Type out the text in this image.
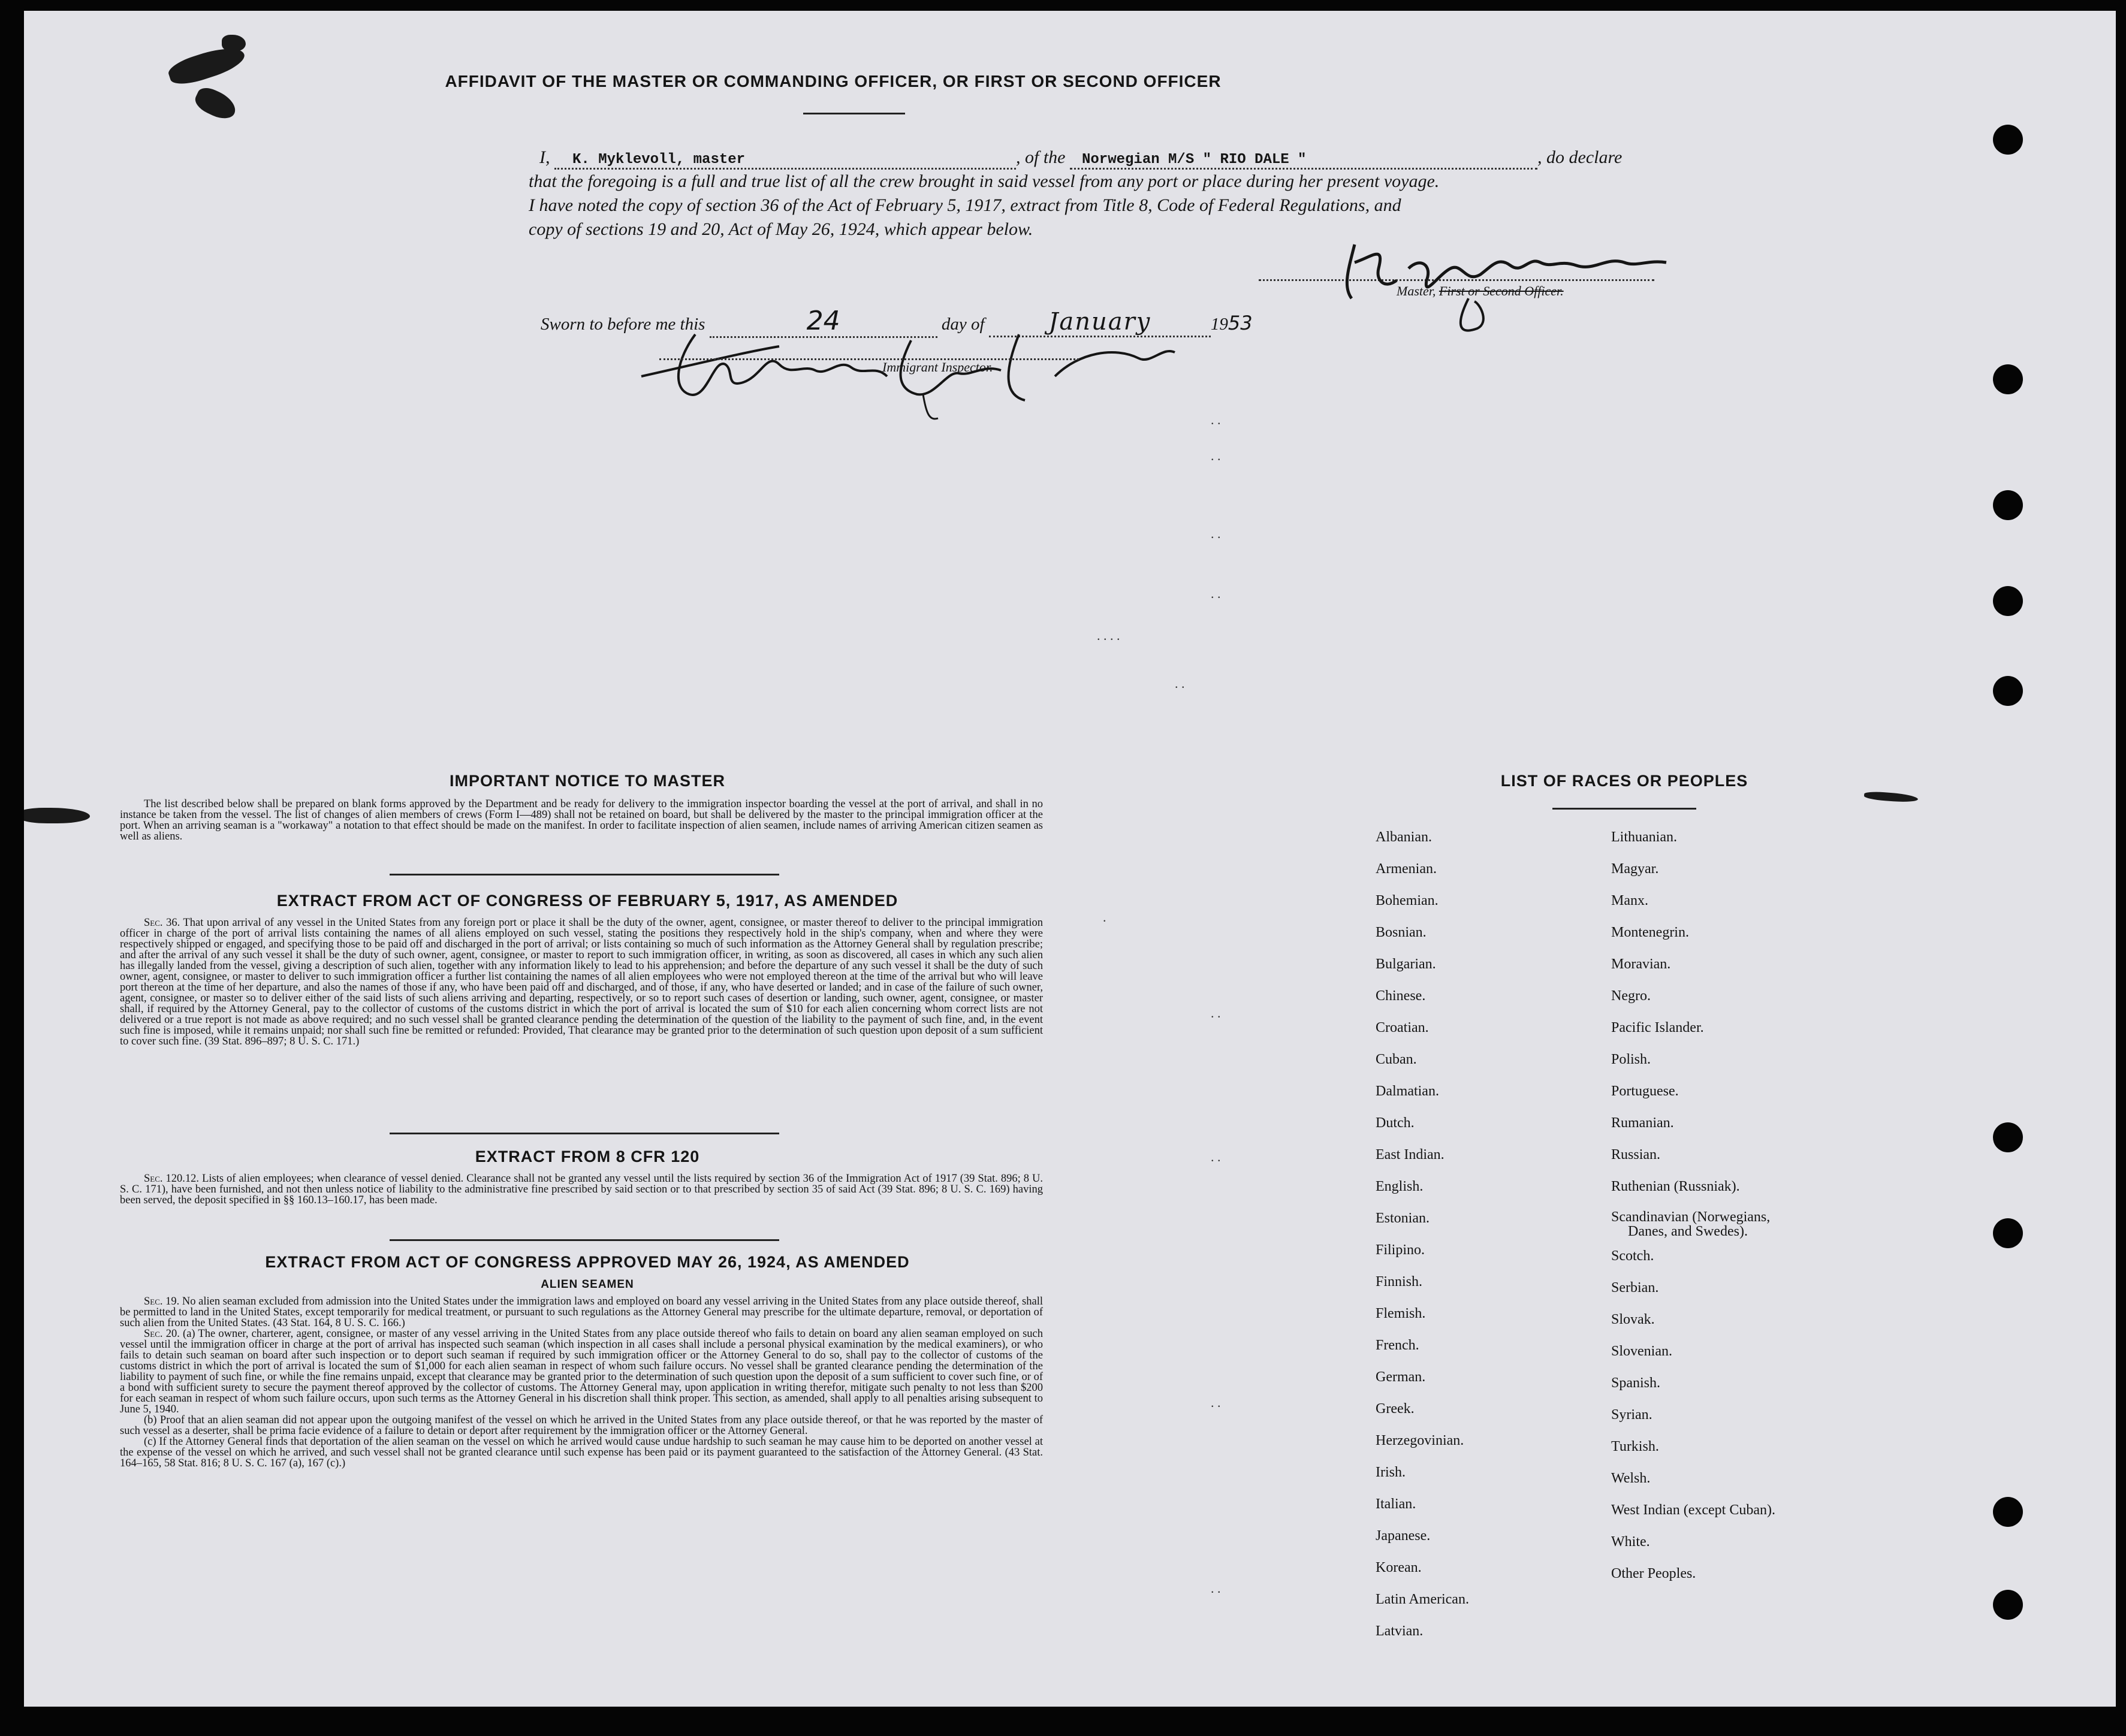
AFFIDAVIT OF THE MASTER OR COMMANDING OFFICER, OR FIRST OR SECOND OFFICER
I, K. Myklevoll, master	, of the Norwegian M/S " RIO DALE "	, do declare
that the foregoing is a full and true list of all the crew brought in said vessel from any port or place during her present voyage.
I have noted the copy of section 36 of the Act of February 5, 1917, extract from Title 8, Code of Federal Regulations, and
copy of sections 19 and 20, Act of May 26, 1924, which appear below.
Master, First or Second Officer.
Sworn to before me this	24	day of	January	1953
Immigrant Inspector.
. .
. .
. .
. .
. . . .
. .
.
. .
. .
. .
. .
IMPORTANT NOTICE TO MASTER
The list described below shall be prepared on blank forms approved by the Department and be ready for delivery to the immigration inspector boarding the vessel at the port of arrival, and shall in no instance be taken from the vessel. The list of changes of alien members of crews (Form I—489) shall not be retained on board, but shall be delivered by the master to the principal immigration officer at the port. When an arriving seaman is a "workaway" a notation to that effect should be made on the manifest. In order to facilitate inspection of alien seamen, include names of arriving American citizen seamen as well as aliens.
EXTRACT FROM ACT OF CONGRESS OF FEBRUARY 5, 1917, AS AMENDED
Sec. 36. That upon arrival of any vessel in the United States from any foreign port or place it shall be the duty of the owner, agent, consignee, or master thereof to deliver to the principal immigration officer in charge of the port of arrival lists containing the names of all aliens employed on such vessel, stating the positions they respectively hold in the ship's company, when and where they were respectively shipped or engaged, and specifying those to be paid off and discharged in the port of arrival; or lists containing so much of such information as the Attorney General shall by regulation prescribe; and after the arrival of any such vessel it shall be the duty of such owner, agent, consignee, or master to report to such immigration officer, in writing, as soon as discovered, all cases in which any such alien has illegally landed from the vessel, giving a description of such alien, together with any information likely to lead to his apprehension; and before the departure of any such vessel it shall be the duty of such owner, agent, consignee, or master to deliver to such immigration officer a further list containing the names of all alien employees who were not employed thereon at the time of the arrival but who will leave port thereon at the time of her departure, and also the names of those if any, who have been paid off and discharged, and of those, if any, who have deserted or landed; and in case of the failure of such owner, agent, consignee, or master so to deliver either of the said lists of such aliens arriving and departing, respectively, or so to report such cases of desertion or landing, such owner, agent, consignee, or master shall, if required by the Attorney General, pay to the collector of customs of the customs district in which the port of arrival is located the sum of $10 for each alien concerning whom correct lists are not delivered or a true report is not made as above required; and no such vessel shall be granted clearance pending the determination of the question of the liability to the payment of such fine, and, in the event such fine is imposed, while it remains unpaid; nor shall such fine be remitted or refunded: Provided, That clearance may be granted prior to the determination of such question upon deposit of a sum sufficient to cover such fine. (39 Stat. 896–897; 8 U. S. C. 171.)
EXTRACT FROM 8 CFR 120
Sec. 120.12. Lists of alien employees; when clearance of vessel denied. Clearance shall not be granted any vessel until the lists required by section 36 of the Immigration Act of 1917 (39 Stat. 896; 8 U. S. C. 171), have been furnished, and not then unless notice of liability to the administrative fine prescribed by said section or to that prescribed by section 35 of said Act (39 Stat. 896; 8 U. S. C. 169) having been served, the deposit specified in §§ 160.13–160.17, has been made.
EXTRACT FROM ACT OF CONGRESS APPROVED MAY 26, 1924, AS AMENDED
ALIEN SEAMEN
Sec. 19. No alien seaman excluded from admission into the United States under the immigration laws and employed on board any vessel arriving in the United States from any place outside thereof, shall be permitted to land in the United States, except temporarily for medical treatment, or pursuant to such regulations as the Attorney General may prescribe for the ultimate departure, removal, or deportation of such alien from the United States. (43 Stat. 164, 8 U. S. C. 166.)
Sec. 20. (a) The owner, charterer, agent, consignee, or master of any vessel arriving in the United States from any place outside thereof who fails to detain on board any alien seaman employed on such vessel until the immigration officer in charge at the port of arrival has inspected such seaman (which inspection in all cases shall include a personal physical examination by the medical examiners), or who fails to detain such seaman on board after such inspection or to deport such seaman if required by such immigration officer or the Attorney General to do so, shall pay to the collector of customs of the customs district in which the port of arrival is located the sum of $1,000 for each alien seaman in respect of whom such failure occurs. No vessel shall be granted clearance pending the determination of the liability to payment of such fine, or while the fine remains unpaid, except that clearance may be granted prior to the determination of such question upon the deposit of a sum sufficient to cover such fine, or of a bond with sufficient surety to secure the payment thereof approved by the collector of customs. The Attorney General may, upon application in writing therefor, mitigate such penalty to not less than $200 for each seaman in respect of whom such failure occurs, upon such terms as the Attorney General in his discretion shall think proper. This section, as amended, shall apply to all penalties arising subsequent to June 5, 1940.
(b) Proof that an alien seaman did not appear upon the outgoing manifest of the vessel on which he arrived in the United States from any place outside thereof, or that he was reported by the master of such vessel as a deserter, shall be prima facie evidence of a failure to detain or deport after requirement by the immigration officer or the Attorney General.
(c) If the Attorney General finds that deportation of the alien seaman on the vessel on which he arrived would cause undue hardship to such seaman he may cause him to be deported on another vessel at the expense of the vessel on which he arrived, and such vessel shall not be granted clearance until such expense has been paid or its payment guaranteed to the satisfaction of the Attorney General. (43 Stat. 164–165, 58 Stat. 816; 8 U. S. C. 167 (a), 167 (c).)
LIST OF RACES OR PEOPLES
Albanian.
Armenian.
Bohemian.
Bosnian.
Bulgarian.
Chinese.
Croatian.
Cuban.
Dalmatian.
Dutch.
East Indian.
English.
Estonian.
Filipino.
Finnish.
Flemish.
French.
German.
Greek.
Herzegovinian.
Irish.
Italian.
Japanese.
Korean.
Latin American.
Latvian.
Lithuanian.
Magyar.
Manx.
Montenegrin.
Moravian.
Negro.
Pacific Islander.
Polish.
Portuguese.
Rumanian.
Russian.
Ruthenian (Russniak).
Scandinavian (Norwegians,
Danes, and Swedes).
Scotch.
Serbian.
Slovak.
Slovenian.
Spanish.
Syrian.
Turkish.
Welsh.
West Indian (except Cuban).
White.
Other Peoples.
